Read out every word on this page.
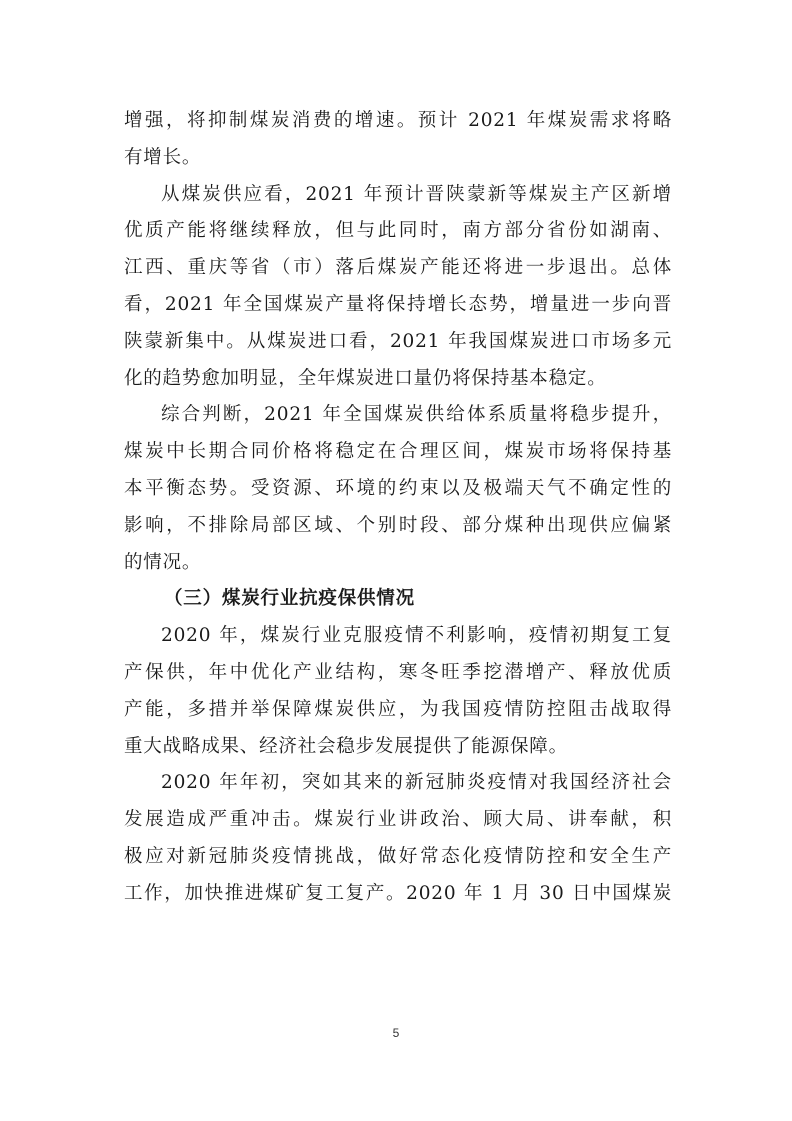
增强，将抑制煤炭消费的增速。预计 2021 年煤炭需求将略
有增长。
从煤炭供应看，2021 年预计晋陕蒙新等煤炭主产区新增
优质产能将继续释放，但与此同时，南方部分省份如湖南、
江西、重庆等省（市）落后煤炭产能还将进一步退出。总体
看，2021 年全国煤炭产量将保持增长态势，增量进一步向晋
陕蒙新集中。从煤炭进口看，2021 年我国煤炭进口市场多元
化的趋势愈加明显，全年煤炭进口量仍将保持基本稳定。
综合判断，2021 年全国煤炭供给体系质量将稳步提升，
煤炭中长期合同价格将稳定在合理区间，煤炭市场将保持基
本平衡态势。受资源、环境的约束以及极端天气不确定性的
影响，不排除局部区域、个别时段、部分煤种出现供应偏紧
的情况。
（三）煤炭行业抗疫保供情况
2020 年，煤炭行业克服疫情不利影响，疫情初期复工复
产保供，年中优化产业结构，寒冬旺季挖潜增产、释放优质
产能，多措并举保障煤炭供应，为我国疫情防控阻击战取得
重大战略成果、经济社会稳步发展提供了能源保障。
2020 年年初，突如其来的新冠肺炎疫情对我国经济社会
发展造成严重冲击。煤炭行业讲政治、顾大局、讲奉献，积
极应对新冠肺炎疫情挑战，做好常态化疫情防控和安全生产
工作，加快推进煤矿复工复产。2020 年 1 月 30 日中国煤炭
5
